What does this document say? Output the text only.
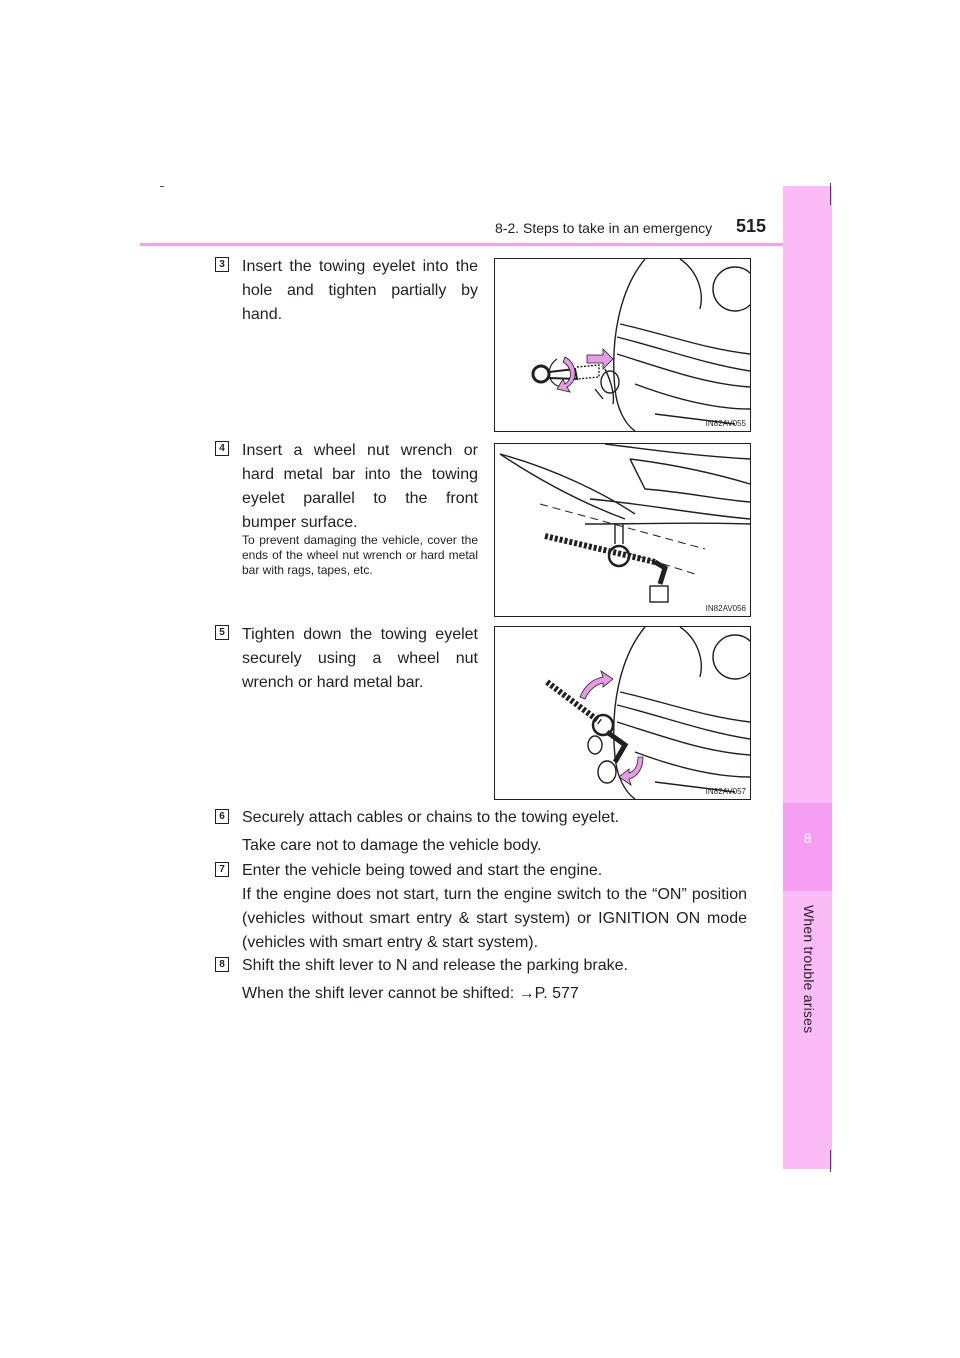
8-2. Steps to take in an emergency 515
8
When trouble arises
3 Insert the towing eyelet into the hole and tighten partially by hand.
IN82AV055
4 Insert a wheel nut wrench or hard metal bar into the towing eyelet parallel to the front bumper surface.
To prevent damaging the vehicle, cover the ends of the wheel nut wrench or hard metal bar with rags, tapes, etc.
IN82AV056
5 Tighten down the towing eyelet securely using a wheel nut wrench or hard metal bar.
IN82AV057
6 Securely attach cables or chains to the towing eyelet.
Take care not to damage the vehicle body.
7 Enter the vehicle being towed and start the engine.
If the engine does not start, turn the engine switch to the “ON” position (vehicles without smart entry & start system) or IGNITION ON mode (vehicles with smart entry & start system).
8 Shift the shift lever to N and release the parking brake.
When the shift lever cannot be shifted: →P. 577
